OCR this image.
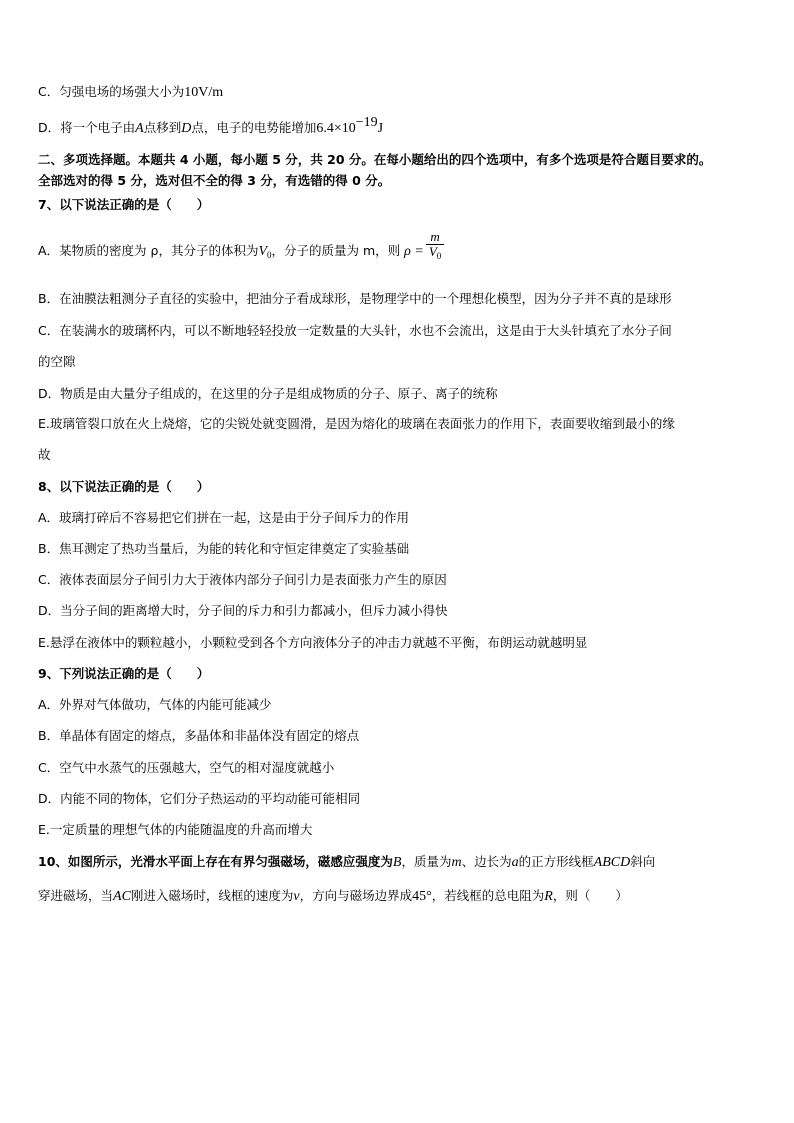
C．匀强电场的场强大小为10V/m
D．将一个电子由A点移到D点，电子的电势能增加$6.4\times 10^{-19}J$
二、多项选择题。本题共 4 小题，每小题 5 分，共 20 分。在每小题给出的四个选项中，有多个选项是符合题目要求的。
全部选对的得 5 分，选对但不全的得 3 分，有选错的得 0 分。
7、以下说法正确的是（　　）
A．某物质的密度为 ρ，其分子的体积为$V_0$，分子的质量为 m，则 $\rho = \frac{m}{V_0}$
B．在油膜法粗测分子直径的实验中，把油分子看成球形，是物理学中的一个理想化模型，因为分子并不真的是球形
C．在装满水的玻璃杯内，可以不断地轻轻投放一定数量的大头针，水也不会流出，这是由于大头针填充了水分子间
的空隙
D．物质是由大量分子组成的，在这里的分子是组成物质的分子、原子、离子的统称
E.玻璃管裂口放在火上烧熔，它的尖锐处就变圆滑，是因为熔化的玻璃在表面张力的作用下，表面要收缩到最小的缘
故
8、以下说法正确的是（　　）
A．玻璃打碎后不容易把它们拼在一起，这是由于分子间斥力的作用
B．焦耳测定了热功当量后，为能的转化和守恒定律奠定了实验基础
C．液体表面层分子间引力大于液体内部分子间引力是表面张力产生的原因
D．当分子间的距离增大时，分子间的斥力和引力都减小，但斥力减小得快
E.悬浮在液体中的颗粒越小，小颗粒受到各个方向液体分子的冲击力就越不平衡，布朗运动就越明显
9、下列说法正确的是（　　）
A．外界对气体做功，气体的内能可能减少
B．单晶体有固定的熔点，多晶体和非晶体没有固定的熔点
C．空气中水蒸气的压强越大，空气的相对湿度就越小
D．内能不同的物体，它们分子热运动的平均动能可能相同
E.一定质量的理想气体的内能随温度的升高而增大
10、如图所示，光滑水平面上存在有界匀强磁场，磁感应强度为B，质量为m、边长为a的正方形线框ABCD斜向
穿进磁场，当AC刚进入磁场时，线框的速度为v，方向与磁场边界成45°，若线框的总电阻为R，则（　　）
